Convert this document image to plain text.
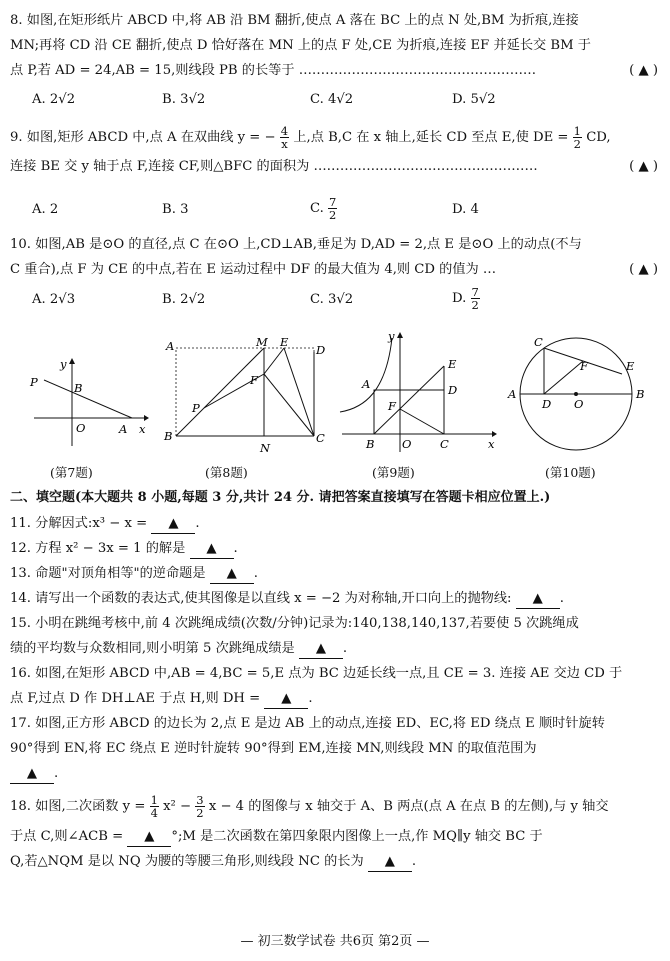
8. 如图,在矩形纸片 ABCD 中,将 AB 沿 BM 翻折,使点 A 落在 BC 上的点 N 处,BM 为折痕,连接
MN;再将 CD 沿 CE 翻折,使点 D 恰好落在 MN 上的点 F 处,CE 为折痕,连接 EF 并延长交 BM 于
点 P,若 AD = 24,AB = 15,则线段 PB 的长等于 ………………………………………………	( ▲ )
A. 2√2	B. 3√2	C. 4√2	D. 5√2
9. 如图,矩形 ABCD 中,点 A 在双曲线 y = − $\frac{4}{x}$ 上,点 B,C 在 x 轴上,延长 CD 至点 E,使 DE = $\frac{1}{2}$ CD,
连接 BE 交 y 轴于点 F,连接 CF,则△BFC 的面积为 ……………………………………………	( ▲ )
A. 2	B. 3	C. $\frac{7}{2}$	D. 4
10. 如图,AB 是⊙O 的直径,点 C 在⊙O 上,CD⊥AB,垂足为 D,AD = 2,点 E 是⊙O 上的动点(不与
C 重合),点 F 为 CE 的中点,若在 E 运动过程中 DF 的最大值为 4,则 CD 的值为 …	( ▲ )
A. 2√3	B. 2√2	C. 3√2	D. $\frac{7}{2}$
P
y
B
O	A x
(第7题)
A	M E
D
F
P
B
N
C
(第8题)
y
E
A	D
F
B O C	x
(第9题)
C
F	E
A
D O
B
(第10题)
二、填空题(本大题共 8 小题,每题 3 分,共计 24 分. 请把答案直接填写在答题卡相应位置上.)
11. 分解因式:x³ − x = ▲ .
12. 方程 x² − 3x = 1 的解是 ▲ .
13. 命题"对顶角相等"的逆命题是 ▲ .
14. 请写出一个函数的表达式,使其图像是以直线 x = −2 为对称轴,开口向上的抛物线: ▲ .
15. 小明在跳绳考核中,前 4 次跳绳成绩(次数/分钟)记录为:140,138,140,137,若要使 5 次跳绳成
绩的平均数与众数相同,则小明第 5 次跳绳成绩是 ▲ .
16. 如图,在矩形 ABCD 中,AB = 4,BC = 5,E 点为 BC 边延长线一点,且 CE = 3. 连接 AE 交边 CD 于
点 F,过点 D 作 DH⊥AE 于点 H,则 DH = ▲ .
17. 如图,正方形 ABCD 的边长为 2,点 E 是边 AB 上的动点,连接 ED、EC,将 ED 绕点 E 顺时针旋转
90°得到 EN,将 EC 绕点 E 逆时针旋转 90°得到 EM,连接 MN,则线段 MN 的取值范围为
▲ .
18. 如图,二次函数 $y = \frac{1}{4} x^2 - \frac{3}{2}$ x − 4 的图像与 x 轴交于 A、B 两点(点 A 在点 B 的左侧),与 y 轴交
于点 C,则∠ACB = ▲ °;M 是二次函数在第四象限内图像上一点,作 MQ∥y 轴交 BC 于
Q,若△NQM 是以 NQ 为腰的等腰三角形,则线段 NC 的长为 ▲ .
— 初三数学试卷 共6页 第2页 —
